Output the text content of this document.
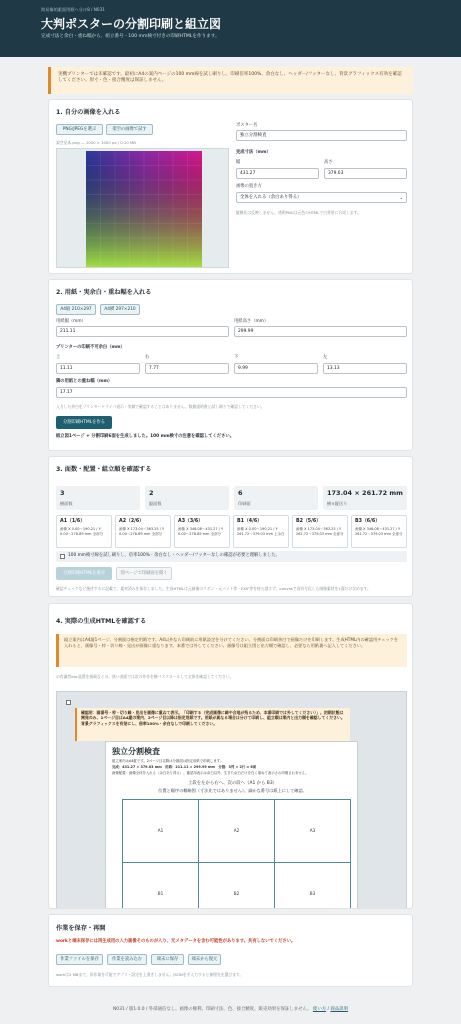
简易像的素面用紙へ分け8 / N031
大判ポスターの分割印刷と組立図
完成寸法と余白・重ね幅から、組立番号・100 mm検寸付きの印刷HTMLを作ります。
実機プリンターでは未確認です。最初にA4の案内ページの100 mm線を試し刷りし、印刷倍率100%、余白なし、ヘッダー/フッターなし、背景グラフィックス有効を確認してください。原寸・色・接合精度は保証しません。
1. 自分の画像を入れる
PNG/JPEGを選ぶ	架空の画像で試す
架空見本.png — 1000 × 1000 px / 0.10 MB
ポスター名
独立分割検査
完成寸法（mm）
幅
431.27
高さ
379.03
画像の置き方
全体を入れる（余白あり得る）	⌄
縦横比は反映しません。透明PNGは元色のHTMLで白背景に合成します。
2. 用紙・実余白・重ね幅を入れる
A4縦 210×297	A4横 297×210
用紙幅（mm）
211.11
用紙高さ（mm）
299.99
プリンターの印刷不可余白（mm）
上
11.11
右
7.77
下
9.99
左
13.13
隣の用紙との重ね幅（mm）
17.17
入力した余白をプリンタードライバ表示・実験で確認することはありません。数値説明書と試し刷りで確認してください。
分割印刷HTMLを作る
組立図1ページ + 分割印刷6面を生成しました。100 mm検寸の注意を確認してください。
3. 面数・配置・組立順を確認する
3
横面数
2
縦面数
6
印刷面
173.04 × 261.72 mm
横×縦送り
A1（1/6）
画像 X 0.00〜190.21 / Y
0.00〜278.89 mm 全部分
A2（2/6）
画像 X 173.04〜363.25 / Y
0.00〜278.89 mm 全部分
A3（3/6）
画像 X 346.08〜431.27 / Y
0.00〜278.89 mm 全部分
B1（4/6）
画像 X 0.00〜190.21 / Y
261.72〜379.03 mm 上余白
B2（5/6）
画像 X 173.04〜363.25 / Y
261.72〜379.03 mm 全部分
B3（6/6）
画像 X 346.08〜431.27 / Y
261.72〜379.03 mm 全部分
100 mm検寸線を試し刷りし、倍率100%・余白なし・ヘッダー/フッターなしの確認が必要と理解しました。
分割印刷HTMLを保存	別ページで印刷面を開く
確認チェックなど後述するに記載て、素材済みを保存しました。生成HTMLは元画像のリボン・元バイト等・EXIF等を持ち越さず、canvasで再符号化した画像素材を1面だけ含めます。
4. 実際の生成HTMLを確認する
組立案内はA4縦1ページ、分割面は指定用紙です。A4以外なら印刷前に用紙設定を分けてください。分割面は印刷余白で画像だけを印刷します。生成HTML内の確認用チェックを入れると、画像号・枠・切り線・見出が画像に重なります。本番では外してください。画像号は組立図と出力順で確認し、必要なら用紙裏へ記入してください。
の有識者doc設置を接続なとの、狭い表面では次の外作を横バスクロールして全体を確認してください。
確認用：画番号・枠・切り線・見出を画像に重ねて表示。「印刷する（完成画像に線や合地が残るため、本番印刷では外してください）」。初期状態は開発のみ、1ページ目はA4縦の案内、2ページ目以降は指定用紙です。用紙が異なる場合は分けて印刷し、組立順は案内と出力順を確認してください。背景グラフィックスを有効にし、倍率100%・余白なしで印刷してください。
独立分割検査
組立案内はA4縦です。2ページ目以降は分割面は指定用紙で印刷します。
完成：431.27 × 379.03 mm　用紙：211.11 × 299.99 mm　分割：3列 × 2行 = 6面
画像配置：画像全体を入れる（余白あり得る）。確認用表示は余白以外、生きた余白だけを白く重ねて表示され印刷されません。
上段を左から右へ、次の段へ（A1 から B3）
位置と順序の概略図（寸法比ではありません）。細かな番号は紙上にして確認。
A1	A2	A3
B1	B2	B3
作業を保存・再開
workと端末保存には再生成用の入力画像そのものが入り、元メタデータを含む可能性があります。共有しないでください。
作業ファイルを保存	作業を読み込む	端末に保存	端末から復元
workは5 MBまで。旧作業を可能でアプリ・設定を上書きしません。JSONを手入力すると参照先を選びます。
N031 / 版1.0.0 / 外部通信なし。画像の権利、印刷寸法、色、接合精度、販売効果を保証しません。 使い方 / 商品説明
